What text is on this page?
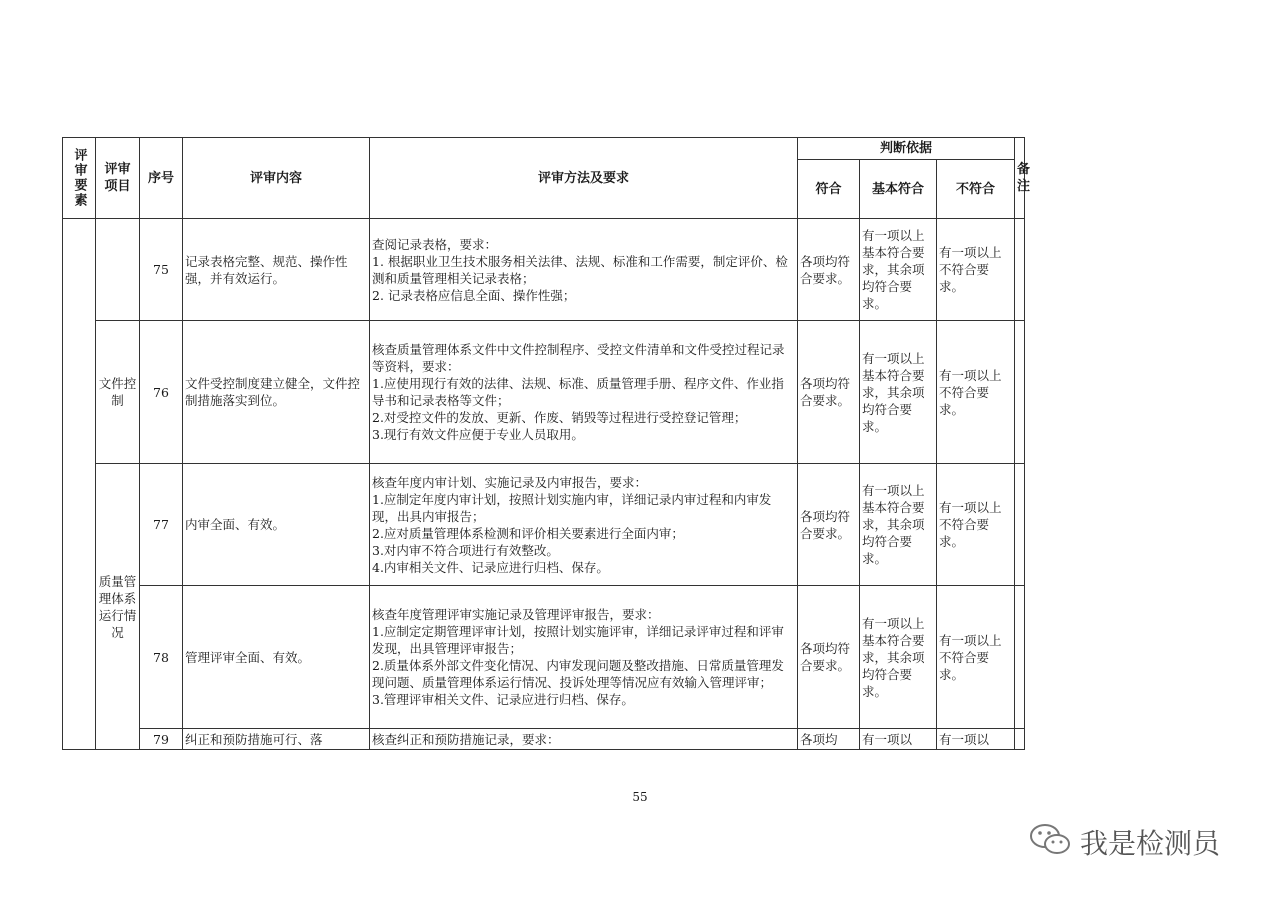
评审要素	评审项目	序号	评审内容	评审方法及要求	判断依据			备注
					符合	基本符合	不符合	
		75	记录表格完整、规范、操作性强，并有效运行。	查阅记录表格，要求：
1. 根据职业卫生技术服务相关法律、法规、标准和工作需要，制定评价、检测和质量管理相关记录表格；
2. 记录表格应信息全面、操作性强；	各项均符合要求。	有一项以上基本符合要求，其余项均符合要求。	有一项以上不符合要求。	
	文件控制	76	文件受控制度建立健全，文件控制措施落实到位。	核查质量管理体系文件中文件控制程序、受控文件清单和文件受控过程记录等资料，要求：
1.应使用现行有效的法律、法规、标准、质量管理手册、程序文件、作业指导书和记录表格等文件；
2.对受控文件的发放、更新、作废、销毁等过程进行受控登记管理；
3.现行有效文件应便于专业人员取用。	各项均符合要求。	有一项以上基本符合要求，其余项均符合要求。	有一项以上不符合要求。	
	质量管理体系运行情况	77	内审全面、有效。	核查年度内审计划、实施记录及内审报告，要求：
1.应制定年度内审计划，按照计划实施内审，详细记录内审过程和内审发现，出具内审报告；
2.应对质量管理体系检测和评价相关要素进行全面内审；
3.对内审不符合项进行有效整改。
4.内审相关文件、记录应进行归档、保存。	各项均符合要求。	有一项以上基本符合要求，其余项均符合要求。	有一项以上不符合要求。	
		78	管理评审全面、有效。	核查年度管理评审实施记录及管理评审报告，要求：
1.应制定定期管理评审计划，按照计划实施评审，详细记录评审过程和评审发现，出具管理评审报告；
2.质量体系外部文件变化情况、内审发现问题及整改措施、日常质量管理发现问题、质量管理体系运行情况、投诉处理等情况应有效输入管理评审；
3.管理评审相关文件、记录应进行归档、保存。	各项均符合要求。	有一项以上基本符合要求，其余项均符合要求。	有一项以上不符合要求。	
		79	纠正和预防措施可行、落	核查纠正和预防措施记录，要求：	各项均	有一项以	有一项以	
55
我是检测员
